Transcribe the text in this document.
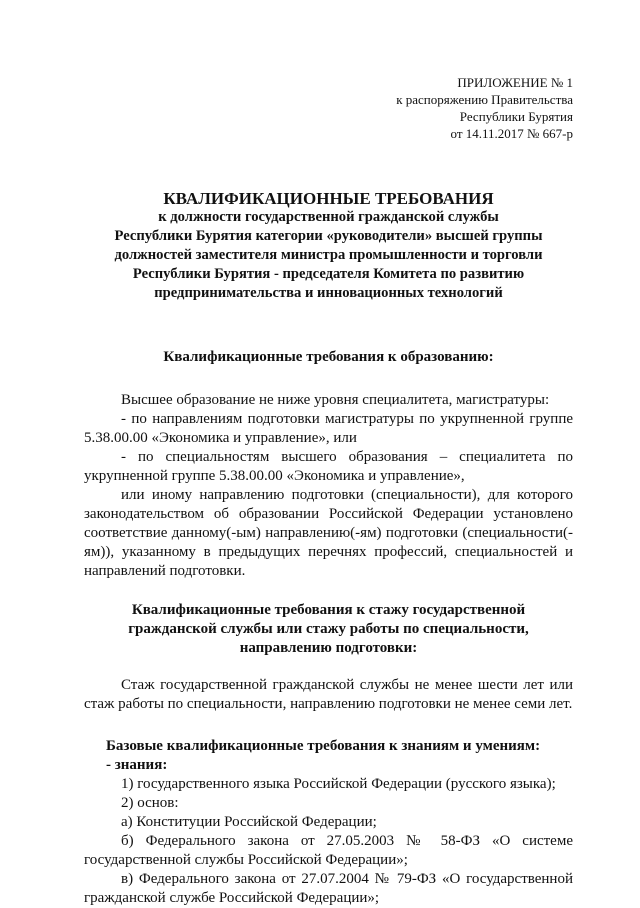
ПРИЛОЖЕНИЕ № 1
к распоряжению Правительства
Республики Бурятия
от 14.11.2017 № 667-р

КВАЛИФИКАЦИОННЫЕ ТРЕБОВАНИЯ

к должности государственной гражданской службы

Республики Бурятия категории «руководители» высшей группы

должностей заместителя министра промышленности и торговли

Республики Бурятия - председателя Комитета по развитию

предпринимательства и инновационных технологий

Квалификационные требования к образованию:

Высшее образование не ниже уровня специалитета, магистратуры:

- по направлениям подготовки магистратуры по укрупненной группе 5.38.00.00 «Экономика и управление», или

- по специальностям высшего образования – специалитета по укрупненной группе 5.38.00.00 «Экономика и управление»,

или иному направлению подготовки (специальности), для которого законодательством об образовании Российской Федерации установлено соответствие данному(-ым) направлению(-ям) подготовки (специальности(-ям)), указанному в предыдущих перечнях профессий, специальностей и направлений подготовки.

Квалификационные требования к стажу государственной

гражданской службы или стажу работы по специальности,

направлению подготовки:

Стаж государственной гражданской службы не менее шести лет или стаж работы по специальности, направлению подготовки не менее семи лет.

Базовые квалификационные требования к знаниям и умениям:

- знания:

1) государственного языка Российской Федерации (русского языка);

2) основ:

а) Конституции Российской Федерации;

б) Федерального закона от 27.05.2003 № 58-ФЗ «О системе государственной службы Российской Федерации»;

в) Федерального закона от 27.07.2004 № 79-ФЗ «О государственной гражданской службе Российской Федерации»;
